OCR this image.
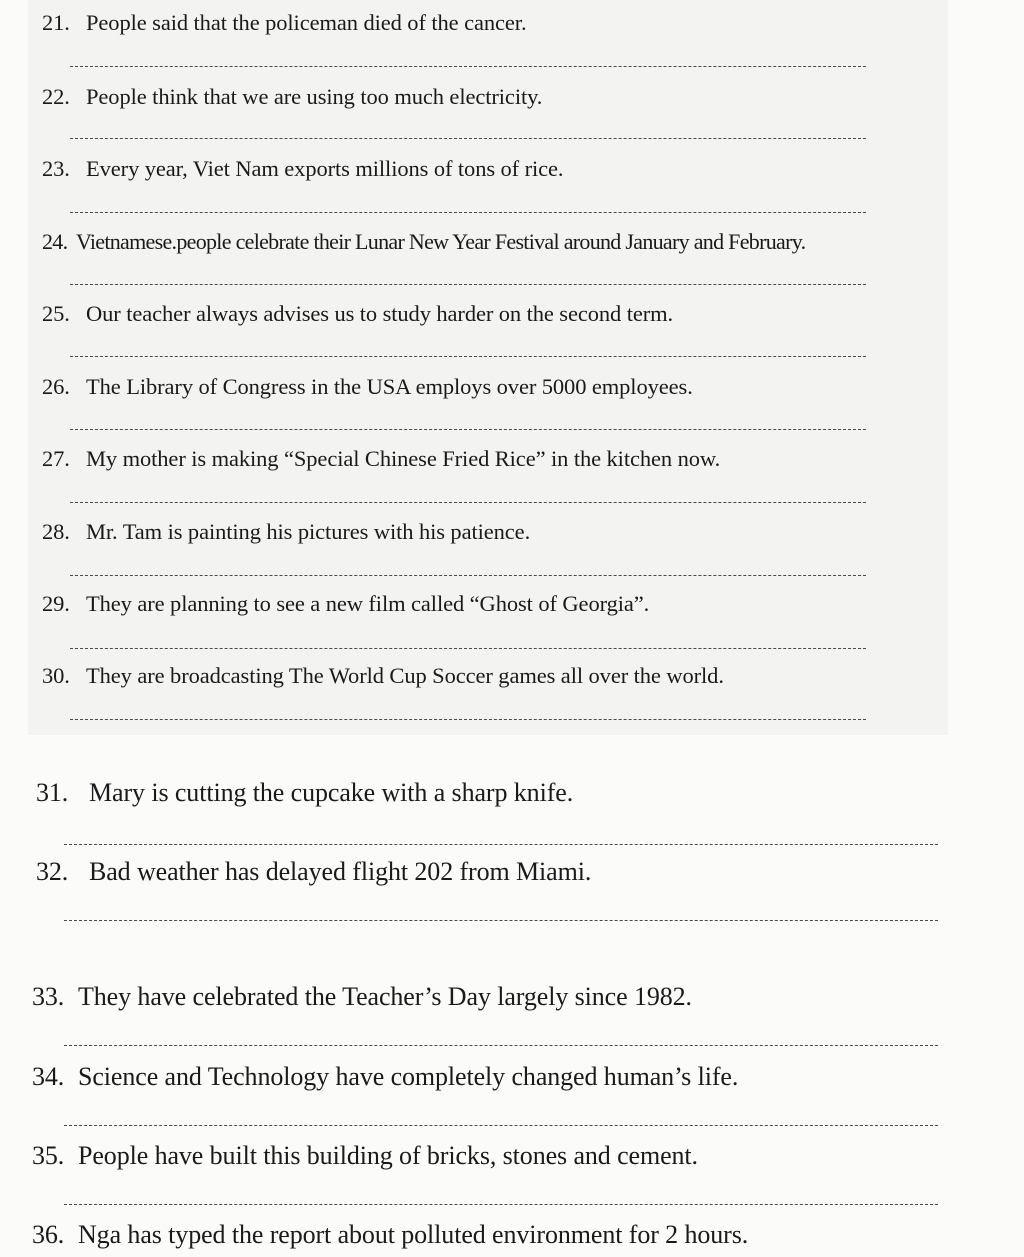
21. People said that the policeman died of the cancer.
22. People think that we are using too much electricity.
23. Every year, Viet Nam exports millions of tons of rice.
24. Vietnamese.people celebrate their Lunar New Year Festival around January and February.
25. Our teacher always advises us to study harder on the second term.
26. The Library of Congress in the USA employs over 5000 employees.
27. My mother is making “Special Chinese Fried Rice” in the kitchen now.
28. Mr. Tam is painting his pictures with his patience.
29. They are planning to see a new film called “Ghost of Georgia”.
30. They are broadcasting The World Cup Soccer games all over the world.
31. Mary is cutting the cupcake with a sharp knife.
32. Bad weather has delayed flight 202 from Miami.
33. They have celebrated the Teacher’s Day largely since 1982.
34. Science and Technology have completely changed human’s life.
35. People have built this building of bricks, stones and cement.
36. Nga has typed the report about polluted environment for 2 hours.
